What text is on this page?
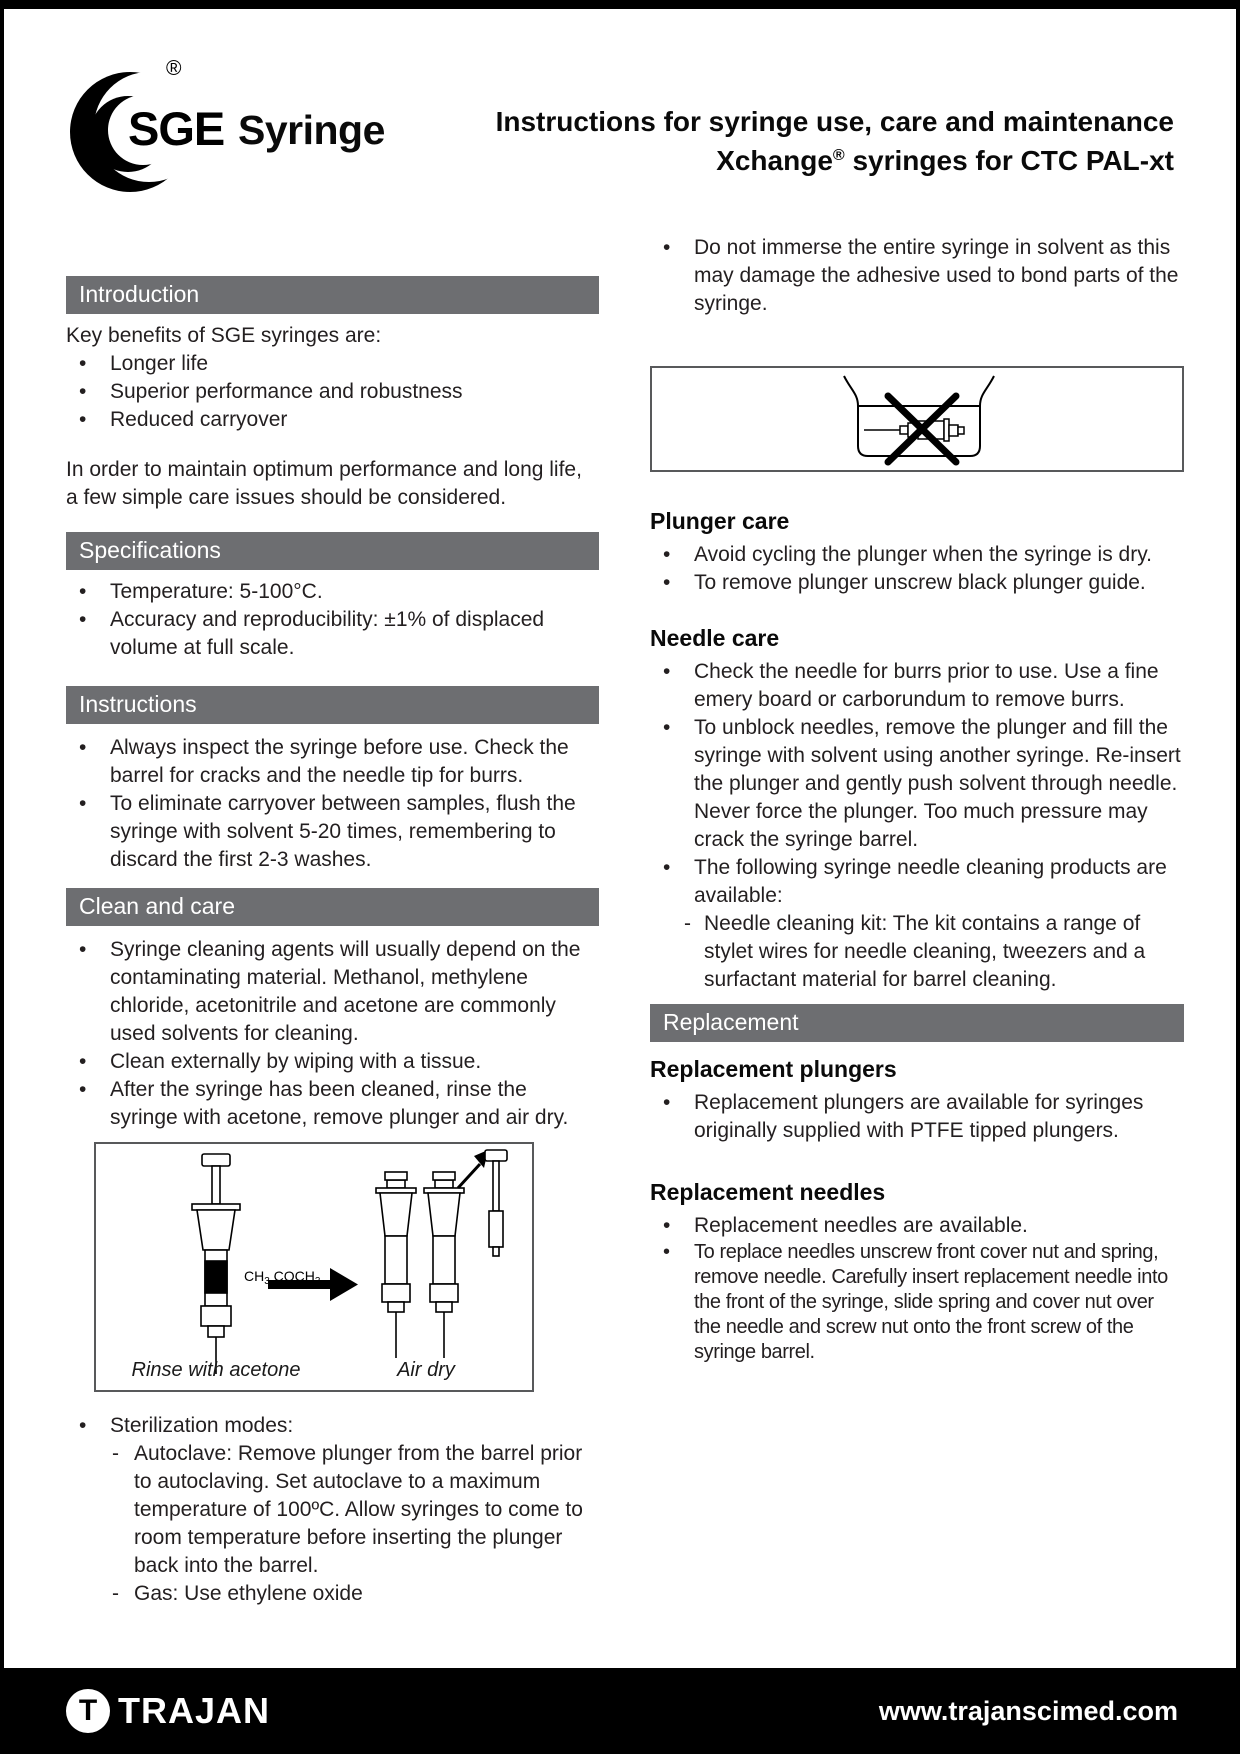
SGE
®
Syringe	Instructions for syringe use, care and maintenance
Xchange® syringes for CTC PAL-xt
Introduction
Key benefits of SGE syringes are:
•	Longer life
•	Superior performance and robustness
•	Reduced carryover
In order to maintain optimum performance and long life, a few simple care issues should be considered.
Specifications
•	Temperature: 5-100°C.
•	Accuracy and reproducibility: ±1% of displaced volume at full scale.
Instructions
•	Always inspect the syringe before use. Check the barrel for cracks and the needle tip for burrs.
•	To eliminate carryover between samples, flush the syringe with solvent 5-20 times, remembering to discard the first 2-3 washes.
Clean and care
•	Syringe cleaning agents will usually depend on the contaminating material. Methanol, methylene chloride, acetonitrile and acetone are commonly used solvents for cleaning.
•	Clean externally by wiping with a tissue.
•	After the syringe has been cleaned, rinse the syringe with acetone, remove plunger and air dry.
$CH_3$ $COCH_3$
Rinse with acetone	Air dry
•	Sterilization modes:
- Autoclave: Remove plunger from the barrel prior to autoclaving. Set autoclave to a maximum temperature of 100ºC. Allow syringes to come to room temperature before inserting the plunger back into the barrel.
- Gas: Use ethylene oxide
•	Do not immerse the entire syringe in solvent as this may damage the adhesive used to bond parts of the syringe.
Plunger care
•	Avoid cycling the plunger when the syringe is dry.
•	To remove plunger unscrew black plunger guide.
Needle care
•	Check the needle for burrs prior to use. Use a fine emery board or carborundum to remove burrs.
•	To unblock needles, remove the plunger and fill the syringe with solvent using another syringe. Re-insert the plunger and gently push solvent through needle. Never force the plunger. Too much pressure may crack the syringe barrel.
•	The following syringe needle cleaning products are available:
- Needle cleaning kit: The kit contains a range of stylet wires for needle cleaning, tweezers and a surfactant material for barrel cleaning.
Replacement
Replacement plungers
•	Replacement plungers are available for syringes originally supplied with PTFE tipped plungers.
Replacement needles
•	Replacement needles are available.
•	To replace needles unscrew front cover nut and spring, remove needle. Carefully insert replacement needle into the front of the syringe, slide spring and cover nut over the needle and screw nut onto the front screw of the syringe barrel.
T TRAJAN	www.trajanscimed.com
